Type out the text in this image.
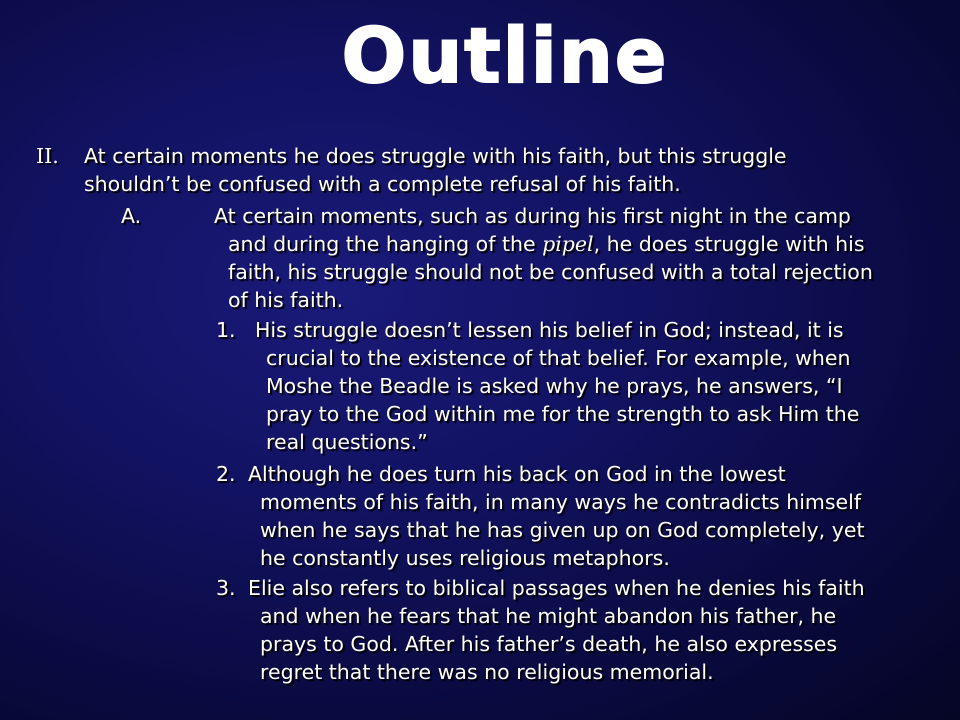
Outline
II. At certain moments he does struggle with his faith, but this struggle
shouldn’t be confused with a complete refusal of his faith.
A.	At certain moments, such as during his first night in the camp
and during the hanging of the pipel, he does struggle with his
faith, his struggle should not be confused with a total rejection
of his faith.
1. His struggle doesn’t lessen his belief in God; instead, it is
crucial to the existence of that belief. For example, when
Moshe the Beadle is asked why he prays, he answers, “I
pray to the God within me for the strength to ask Him the
real questions.”
2. Although he does turn his back on God in the lowest
moments of his faith, in many ways he contradicts himself
when he says that he has given up on God completely, yet
he constantly uses religious metaphors.
3. Elie also refers to biblical passages when he denies his faith
and when he fears that he might abandon his father, he
prays to God. After his father’s death, he also expresses
regret that there was no religious memorial.
